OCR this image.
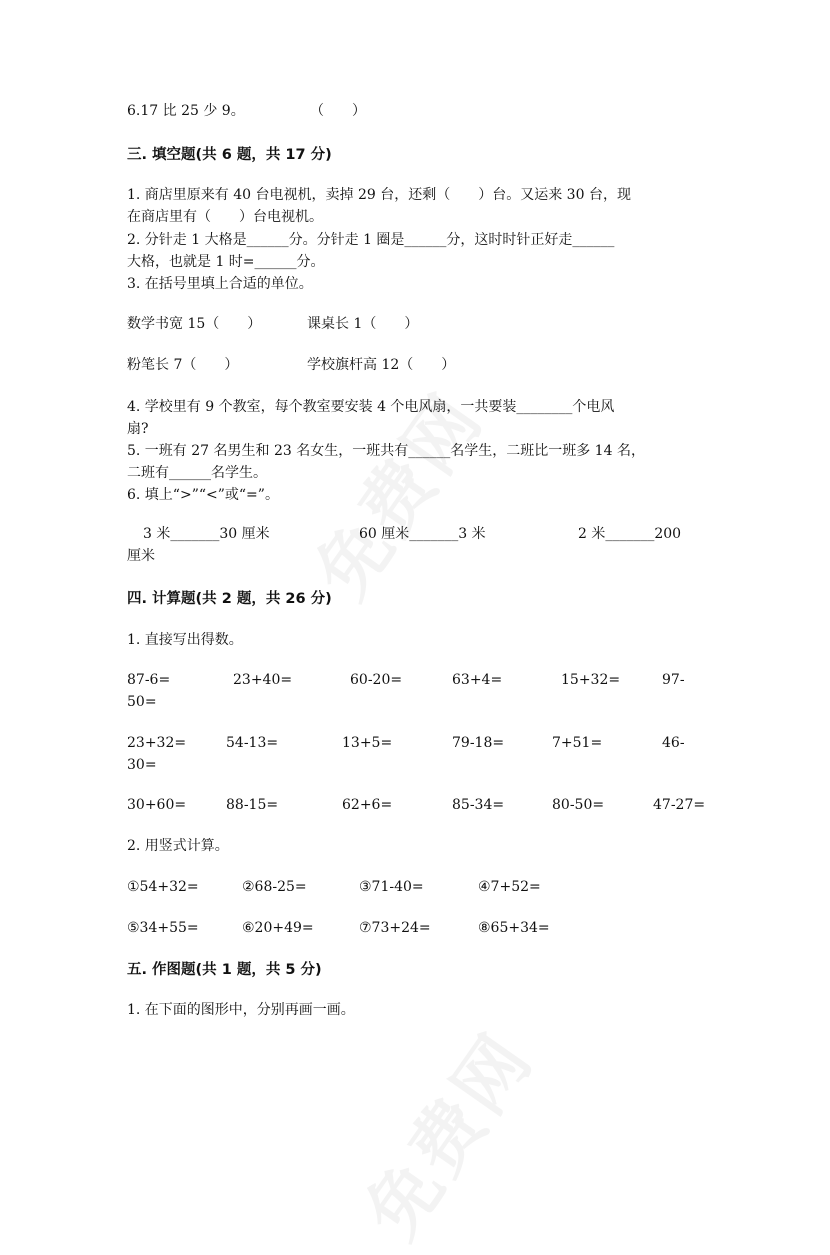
6.17 比 25 少 9。	（　　）
三. 填空题(共 6 题，共 17 分)
1. 商店里原来有 40 台电视机，卖掉 29 台，还剩（　　）台。又运来 30 台，现
在商店里有（　　）台电视机。
2. 分针走 1 大格是______分。分针走 1 圈是______分，这时时针正好走______
大格，也就是 1 时=______分。
3. 在括号里填上合适的单位。
数学书宽 15（　　）	课桌长 1（　　）
粉笔长 7（　　）	学校旗杆高 12（　　）
4. 学校里有 9 个教室，每个教室要安装 4 个电风扇，一共要装________个电风
扇?
5. 一班有 27 名男生和 23 名女生，一班共有______名学生，二班比一班多 14 名，
二班有______名学生。
6. 填上“>”“<”或“=”。
3 米_______30 厘米	60 厘米_______3 米	2 米_______200
厘米
四. 计算题(共 2 题，共 26 分)
1. 直接写出得数。
87-6=	23+40=	60-20=	63+4=	15+32=	97-
50=
23+32=	54-13=	13+5=	79-18=	7+51=	46-
30=
30+60=	88-15=	62+6=	85-34=	80-50=	47-27=
2. 用竖式计算。
①54+32=	②68-25=	③71-40=	④7+52=
⑤34+55=	⑥20+49=	⑦73+24=	⑧65+34=
五. 作图题(共 1 题，共 5 分)
1. 在下面的图形中，分别再画一画。
